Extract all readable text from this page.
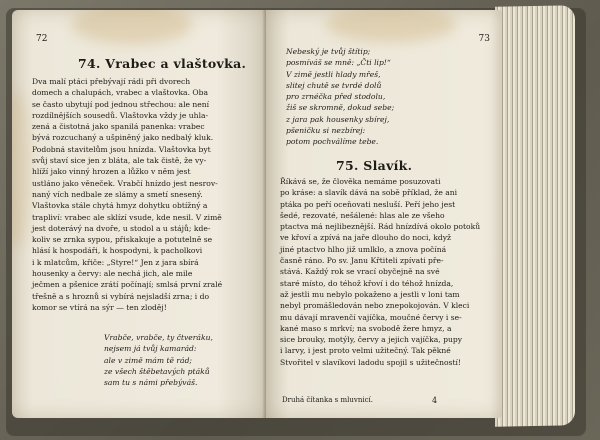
72
74. Vrabec a vlaštovka.
Dva malí ptáci přebývají rádi při dvorech
domech a chalupách, vrabec a vlaštovka. Oba
se často ubytují pod jednou střechou: ale není
rozdílnějších sousedů. Vlaštovka vždy je uhla-
zená a čistotná jako spanilá panenka: vrabec
bývá rozcuchaný a ušpiněný jako nedbalý kluk.
Podobná stavitelům jsou hnízda. Vlaštovka byt
svůj staví sice jen z bláta, ale tak čistě, že vy-
hlíží jako vinný hrozen a lůžko v něm jest
ustláno jako věneček. Vrabčí hnízdo jest nesrov-
naný vích nedbale ze slámy a smetí snesený.
Vlaštovka stále chytá hmyz dohytku obtížný a
trapliví: vrabec ale sklízí vsude, kde nesil. V zimě
jest doterávý na dvoře, u stodol a u stájů; kde-
koliv se zrnka sypou, přiskakuje a potutelně se
hlásí k hospodáři, k hospodyni, k pacholkovi
i k mlatcům, křiče: „Styre!“ Jen z jara sbírá
housenky a červy: ale nechá jich, ale mile
ječmen a pšenice zrátí počínají; smlsá první zralé
třešně a s hroznů si vybírá nejsladší zrna; i do
komor se vtírá na sýr — ten zloděj!
Vrabče, vrabče, ty čtveráku,
nejsem já tvůj kamarád:
ale v zimě mám tě rád;
ze všech štěbetavých ptáků
sam tu s námi přebýváš.
73
Nebeský je tvůj štítip;
posmíváš se mně: „Čti lip!“
V zimě jestli hlady mřeš,
slitej chutě se tvrdé dolů
pro zrnéčka před stodolu,
žiš se skromně, dokud sebe;
z jara pak housenky sbírej,
pšeničku si nezbírej:
potom pochválíme tebe.
75. Slavík.
Říkává se, že člověka nemáme posuzovati
po kráse: a slavík dává na sobě příklad, že ani
ptáka po peří oceňovati nesluší. Peří jeho jest
šedé, rezovaté, nešálené: hlas ale ze všeho
ptactva má nejlibeznější. Rád hnízdívá okolo potoků
ve křoví a zpívá na jaře dlouho do noci, když
jiné ptactvo hlho již umlklo, a znova počíná
časně ráno. Po sv. Janu Křtiteli zpívati pře-
stává. Každý rok se vrací obyčejně na své
staré místo, do téhož křoví i do téhož hnízda,
až jestli mu nebylo pokaženo a jestli v loni tam
nebyl promášledován nebo znepokojován. V kleci
mu dávají mravenčí vajíčka, moučné červy i se-
kané maso s mrkví; na svobodě žere hmyz, a
sice brouky, motýly, červy a jejich vajíčka, pupy
i larvy, i jest proto velmi užitečný. Tak pěkné
Stvořitel v slavíkovi ladodu spojil s užitečností!
Druhá čítanka s mluvnicí.	4
